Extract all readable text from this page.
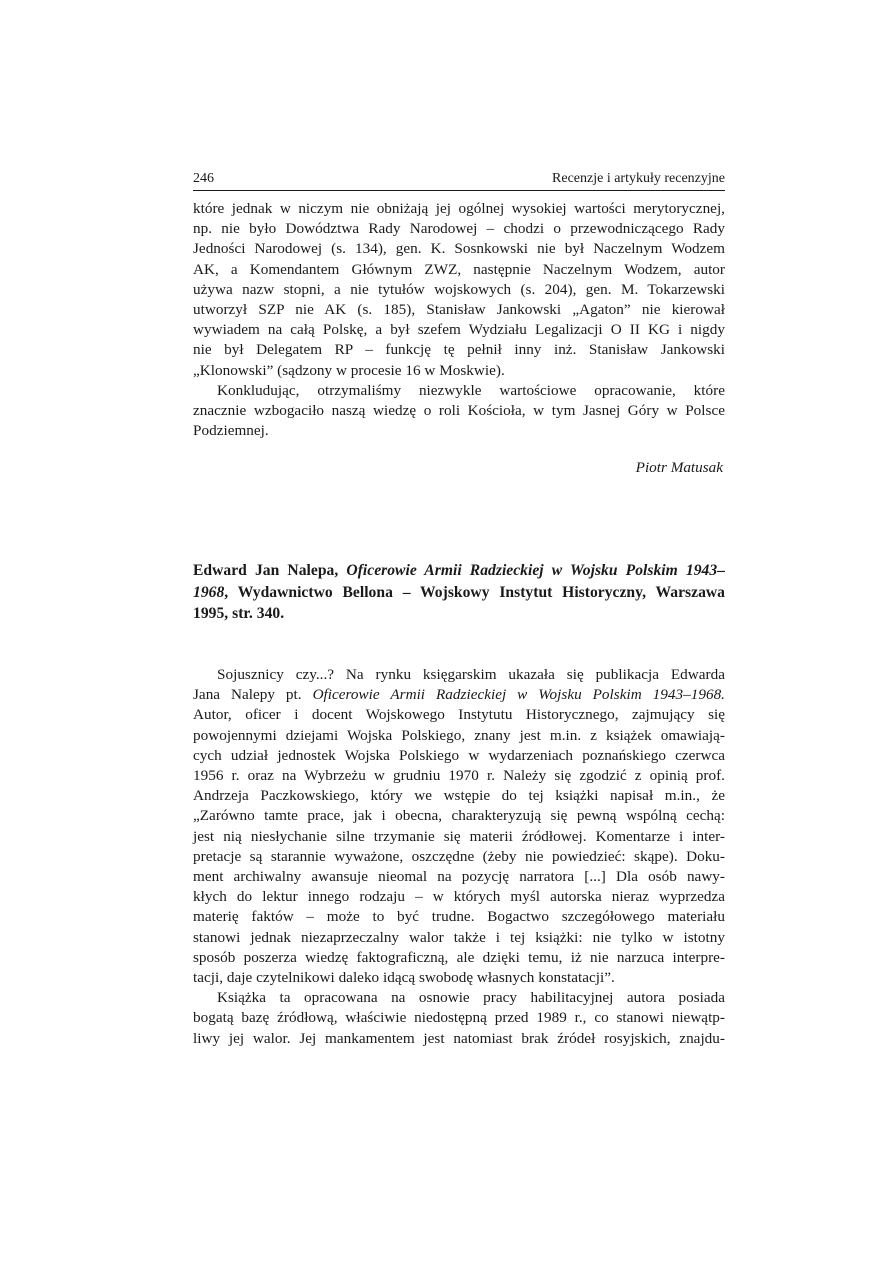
246	Recenzje i artykuły recenzyjne
które jednak w niczym nie obniżają jej ogólnej wysokiej wartości merytorycznej,
np. nie było Dowództwa Rady Narodowej – chodzi o przewodniczącego Rady
Jedności Narodowej (s. 134), gen. K. Sosnkowski nie był Naczelnym Wodzem
AK, a Komendantem Głównym ZWZ, następnie Naczelnym Wodzem, autor
używa nazw stopni, a nie tytułów wojskowych (s. 204), gen. M. Tokarzewski
utworzył SZP nie AK (s. 185), Stanisław Jankowski „Agaton” nie kierował
wywiadem na całą Polskę, a był szefem Wydziału Legalizacji O II KG i nigdy
nie był Delegatem RP – funkcję tę pełnił inny inż. Stanisław Jankowski
„Klonowski” (sądzony w procesie 16 w Moskwie).
Konkludując, otrzymaliśmy niezwykle wartościowe opracowanie, które
znacznie wzbogaciło naszą wiedzę o roli Kościoła, w tym Jasnej Góry w Polsce
Podziemnej.
Piotr Matusak
Edward Jan Nalepa, Oficerowie Armii Radzieckiej w Wojsku Polskim 1943–
1968, Wydawnictwo Bellona – Wojskowy Instytut Historyczny, Warszawa
1995, str. 340.
Sojusznicy czy...? Na rynku księgarskim ukazała się publikacja Edwarda
Jana Nalepy pt. Oficerowie Armii Radzieckiej w Wojsku Polskim 1943–1968.
Autor, oficer i docent Wojskowego Instytutu Historycznego, zajmujący się
powojennymi dziejami Wojska Polskiego, znany jest m.in. z książek omawiają-
cych udział jednostek Wojska Polskiego w wydarzeniach poznańskiego czerwca
1956 r. oraz na Wybrzeżu w grudniu 1970 r. Należy się zgodzić z opinią prof.
Andrzeja Paczkowskiego, który we wstępie do tej książki napisał m.in., że
„Zarówno tamte prace, jak i obecna, charakteryzują się pewną wspólną cechą:
jest nią niesłychanie silne trzymanie się materii źródłowej. Komentarze i inter-
pretacje są starannie wyważone, oszczędne (żeby nie powiedzieć: skąpe). Doku-
ment archiwalny awansuje nieomal na pozycję narratora [...] Dla osób nawy-
kłych do lektur innego rodzaju – w których myśl autorska nieraz wyprzedza
materię faktów – może to być trudne. Bogactwo szczegółowego materiału
stanowi jednak niezaprzeczalny walor także i tej książki: nie tylko w istotny
sposób poszerza wiedzę faktograficzną, ale dzięki temu, iż nie narzuca interpre-
tacji, daje czytelnikowi daleko idącą swobodę własnych konstatacji”.
Książka ta opracowana na osnowie pracy habilitacyjnej autora posiada
bogatą bazę źródłową, właściwie niedostępną przed 1989 r., co stanowi niewątp-
liwy jej walor. Jej mankamentem jest natomiast brak źródeł rosyjskich, znajdu-
